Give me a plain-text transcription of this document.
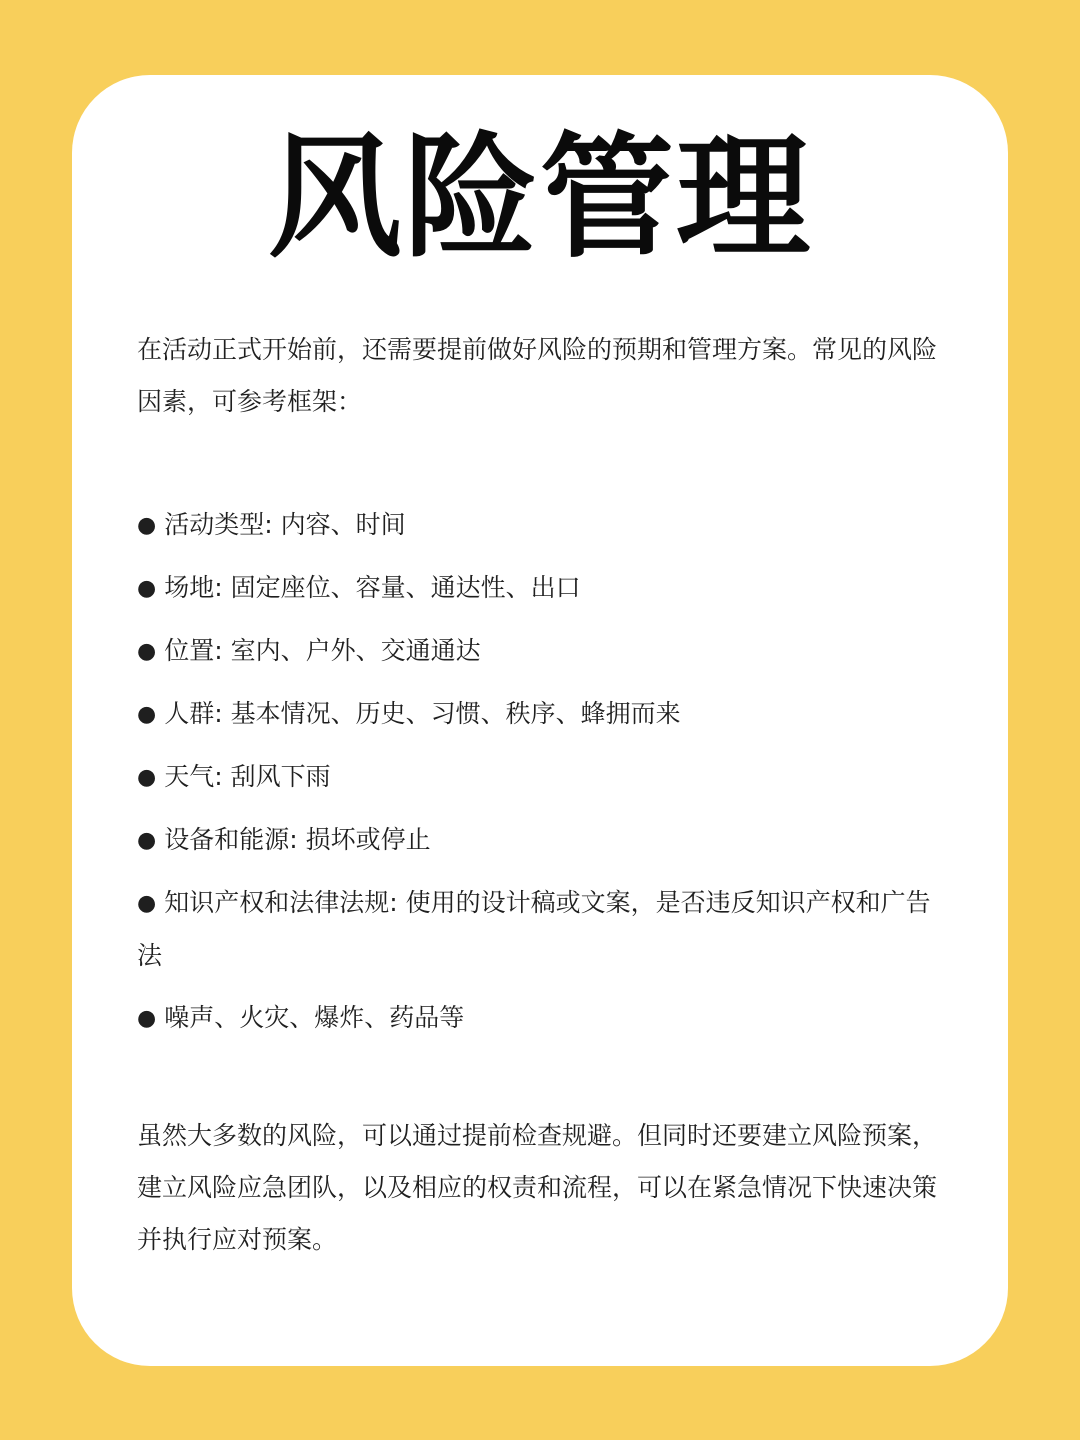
风险管理

在活动正式开始前，还需要提前做好风险的预期和管理方案。常见的风险因素，可参考框架：

● 活动类型: 内容、时间
● 场地: 固定座位、容量、通达性、出口
● 位置: 室内、户外、交通通达
● 人群: 基本情况、历史、习惯、秩序、蜂拥而来
● 天气: 刮风下雨
● 设备和能源: 损坏或停止
● 知识产权和法律法规: 使用的设计稿或文案，是否违反知识产权和广告法
● 噪声、火灾、爆炸、药品等

虽然大多数的风险，可以通过提前检查规避。但同时还要建立风险预案，建立风险应急团队，以及相应的权责和流程，可以在紧急情况下快速决策并执行应对预案。
